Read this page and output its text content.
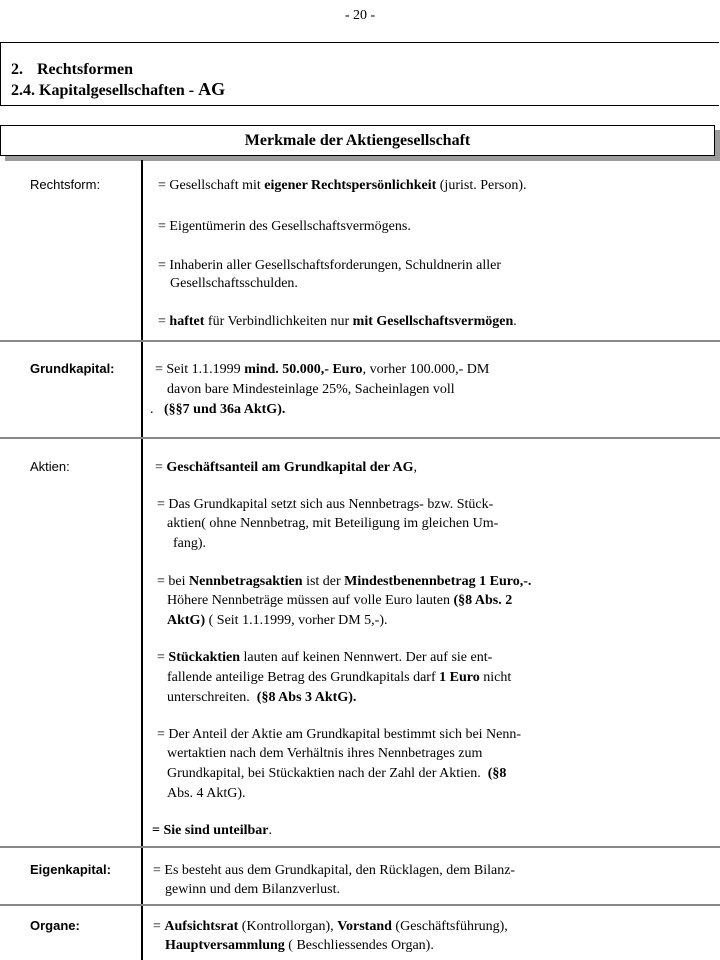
- 20 -
2. Rechtsformen
2.4. Kapitalgesellschaften - AG
Merkmale der Aktiengesellschaft
Rechtsform:	= Gesellschaft mit eigener Rechtspersönlichkeit (jurist. Person).
= Eigentümerin des Gesellschaftsvermögens.
= Inhaberin aller Gesellschaftsforderungen, Schuldnerin aller
Gesellschaftsschulden.
= haftet für Verbindlichkeiten nur mit Gesellschaftsvermögen.
Grundkapital:	= Seit 1.1.1999 mind. 50.000,- Euro, vorher 100.000,- DM
davon bare Mindesteinlage 25%, Sacheinlagen voll
. (§§7 und 36a AktG).
Aktien:	= Geschäftsanteil am Grundkapital der AG,
= Das Grundkapital setzt sich aus Nennbetrags- bzw. Stück-
aktien( ohne Nennbetrag, mit Beteiligung im gleichen Um-
fang).
= bei Nennbetragsaktien ist der Mindestbenennbetrag 1 Euro,-.
Höhere Nennbeträge müssen auf volle Euro lauten (§8 Abs. 2
AktG) ( Seit 1.1.1999, vorher DM 5,-).
= Stückaktien lauten auf keinen Nennwert. Der auf sie ent-
fallende anteilige Betrag des Grundkapitals darf 1 Euro nicht
unterschreiten. (§8 Abs 3 AktG).
= Der Anteil der Aktie am Grundkapital bestimmt sich bei Nenn-
wertaktien nach dem Verhältnis ihres Nennbetrages zum
Grundkapital, bei Stückaktien nach der Zahl der Aktien. (§8
Abs. 4 AktG).
= Sie sind unteilbar.
Eigenkapital:	= Es besteht aus dem Grundkapital, den Rücklagen, dem Bilanz-
gewinn und dem Bilanzverlust.
Organe:	= Aufsichtsrat (Kontrollorgan), Vorstand (Geschäftsführung),
Hauptversammlung ( Beschliessendes Organ).
